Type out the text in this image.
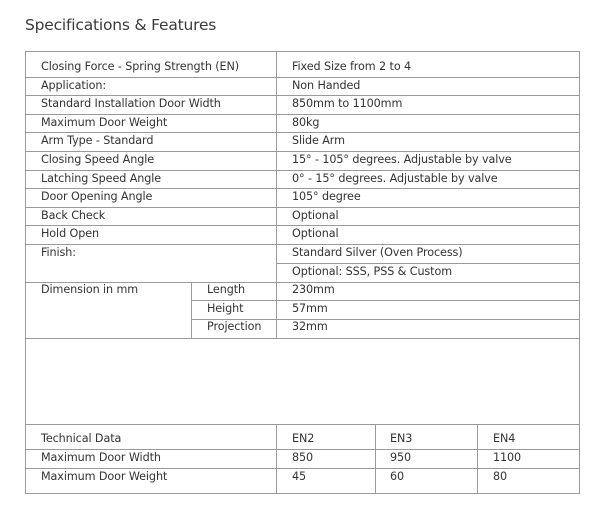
Specifications & Features
Closing Force - Spring Strength (EN)	Fixed Size from 2 to 4
Application:	Non Handed
Standard Installation Door Width	850mm to 1100mm
Maximum Door Weight	80kg
Arm Type - Standard	Slide Arm
Closing Speed Angle	15° - 105° degrees. Adjustable by valve
Latching Speed Angle	0° - 15° degrees. Adjustable by valve
Door Opening Angle	105° degree
Back Check	Optional
Hold Open	Optional
Finish:	Standard Silver (Oven Process)
Optional: SSS, PSS & Custom
Dimension in mm	Length	230mm
Height	57mm
Projection	32mm
Technical Data	EN2	EN3	EN4
Maximum Door Width	850	950	1100
Maximum Door Weight	45	60	80
